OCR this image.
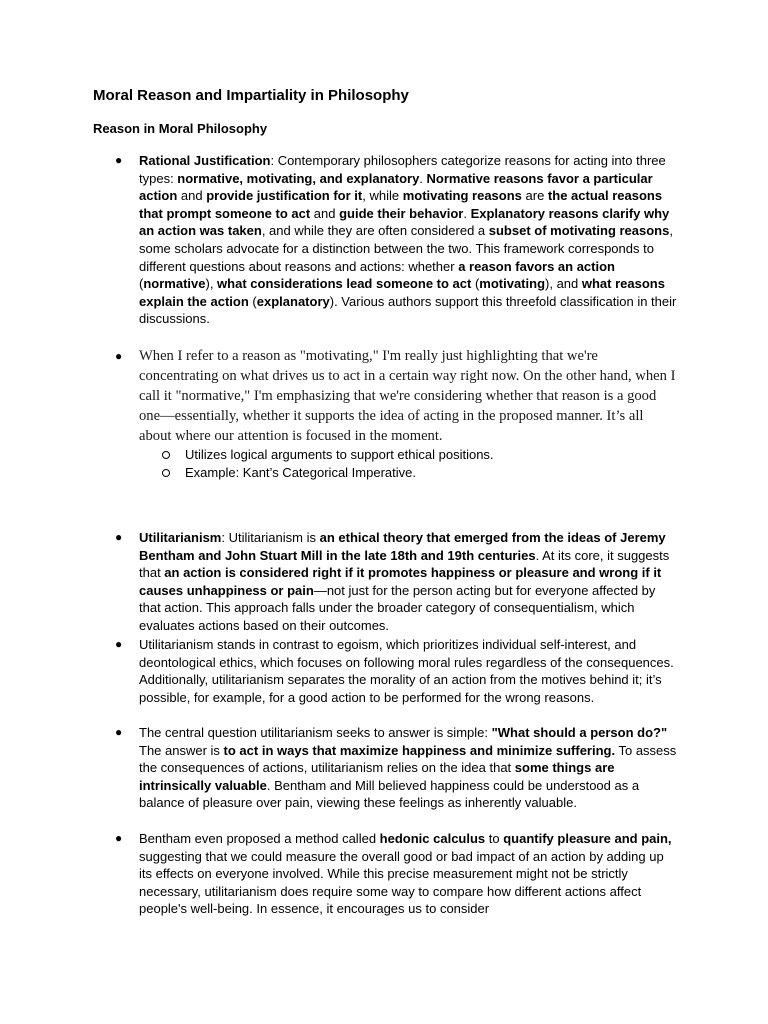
Moral Reason and Impartiality in Philosophy
Reason in Moral Philosophy
● Rational Justification: Contemporary philosophers categorize reasons for acting into three types: normative, motivating, and explanatory. Normative reasons favor a particular action and provide justification for it, while motivating reasons are the actual reasons that prompt someone to act and guide their behavior. Explanatory reasons clarify why an action was taken, and while they are often considered a subset of motivating reasons, some scholars advocate for a distinction between the two. This framework corresponds to different questions about reasons and actions: whether a reason favors an action (normative), what considerations lead someone to act (motivating), and what reasons explain the action (explanatory). Various authors support this threefold classification in their discussions.

● When I refer to a reason as "motivating," I'm really just highlighting that we're concentrating on what drives us to act in a certain way right now. On the other hand, when I call it "normative," I'm emphasizing that we're considering whether that reason is a good one—essentially, whether it supports the idea of acting in the proposed manner. It’s all about where our attention is focused in the moment.

Utilizes logical arguments to support ethical positions.
Example: Kant’s Categorical Imperative.
● Utilitarianism: Utilitarianism is an ethical theory that emerged from the ideas of Jeremy Bentham and John Stuart Mill in the late 18th and 19th centuries. At its core, it suggests that an action is considered right if it promotes happiness or pleasure and wrong if it causes unhappiness or pain—not just for the person acting but for everyone affected by that action. This approach falls under the broader category of consequentialism, which evaluates actions based on their outcomes.

● Utilitarianism stands in contrast to egoism, which prioritizes individual self-interest, and deontological ethics, which focuses on following moral rules regardless of the consequences. Additionally, utilitarianism separates the morality of an action from the motives behind it; it’s possible, for example, for a good action to be performed for the wrong reasons.

● The central question utilitarianism seeks to answer is simple: "What should a person do?" The answer is to act in ways that maximize happiness and minimize suffering. To assess the consequences of actions, utilitarianism relies on the idea that some things are intrinsically valuable. Bentham and Mill believed happiness could be understood as a balance of pleasure over pain, viewing these feelings as inherently valuable.

● Bentham even proposed a method called hedonic calculus to quantify pleasure and pain, suggesting that we could measure the overall good or bad impact of an action by adding up its effects on everyone involved. While this precise measurement might not be strictly necessary, utilitarianism does require some way to compare how different actions affect people's well-being. In essence, it encourages us to consider
